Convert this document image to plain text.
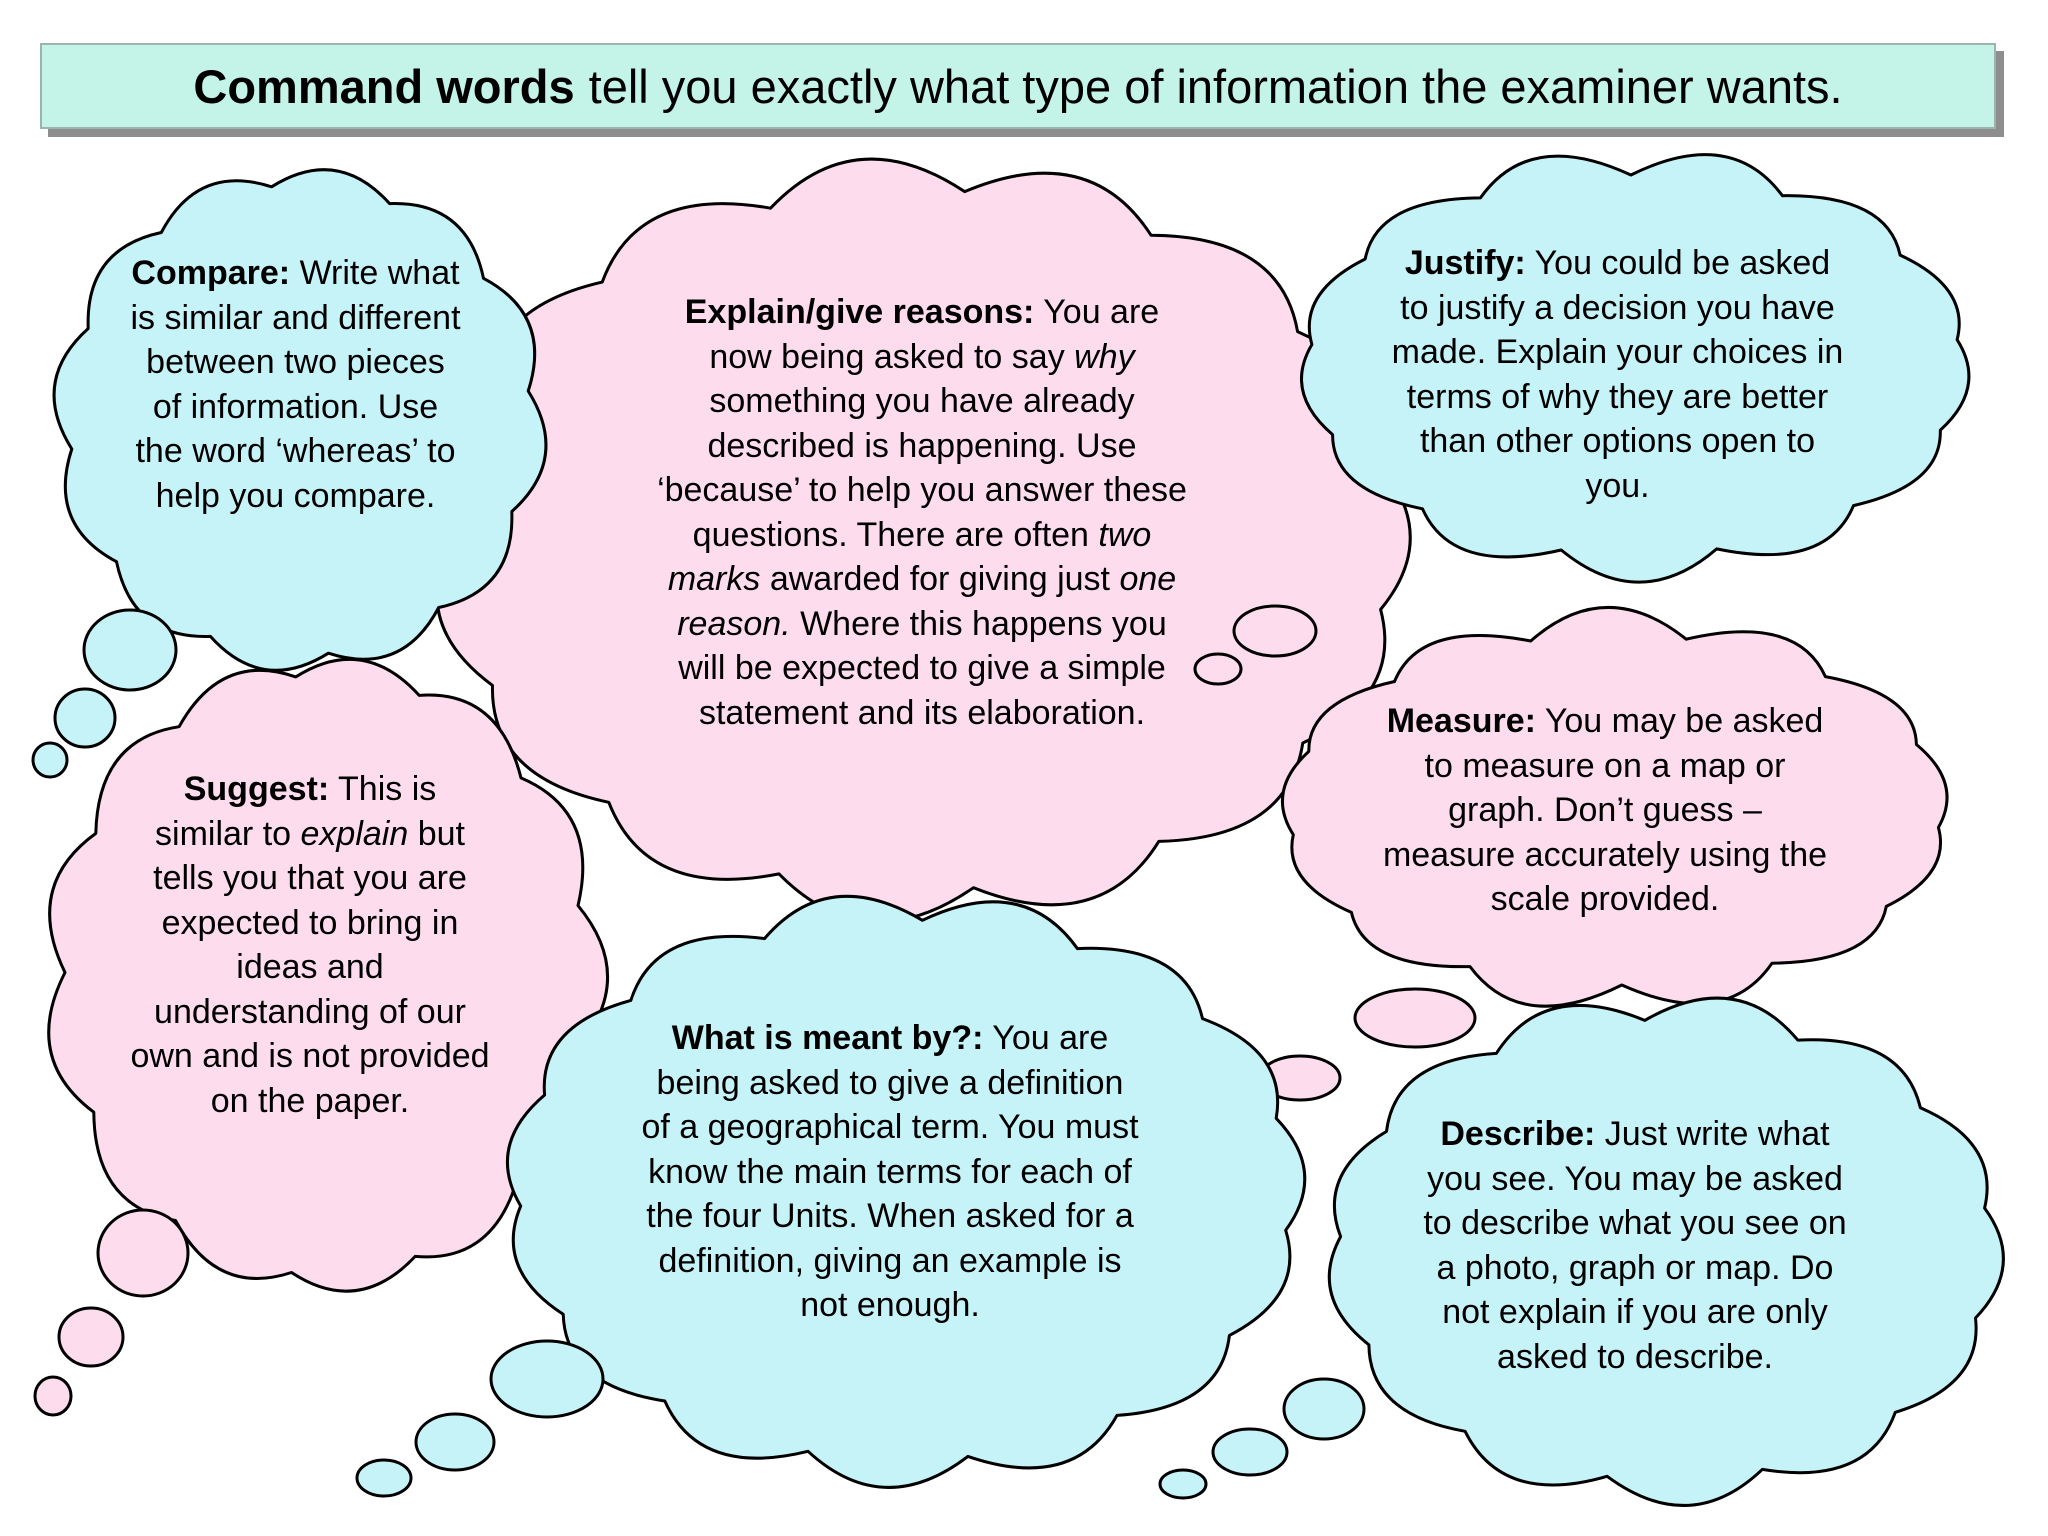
Command words tell you exactly what type of information the examiner wants.
Compare: Write what is similar and different between two pieces of information. Use the word ‘whereas’ to help you compare.
Explain/give reasons: You are now being asked to say why something you have already described is happening. Use ‘because’ to help you answer these questions. There are often two marks awarded for giving just one reason. Where this happens you will be expected to give a simple statement and its elaboration.
Justify: You could be asked to justify a decision you have made. Explain your choices in terms of why they are better than other options open to you.
Suggest: This is similar to explain but tells you that you are expected to bring in ideas and understanding of our own and is not provided on the paper.
Measure: You may be asked to measure on a map or graph. Don’t guess – measure accurately using the scale provided.
What is meant by?: You are being asked to give a definition of a geographical term. You must know the main terms for each of the four Units. When asked for a definition, giving an example is not enough.
Describe: Just write what you see. You may be asked to describe what you see on a photo, graph or map. Do not explain if you are only asked to describe.
